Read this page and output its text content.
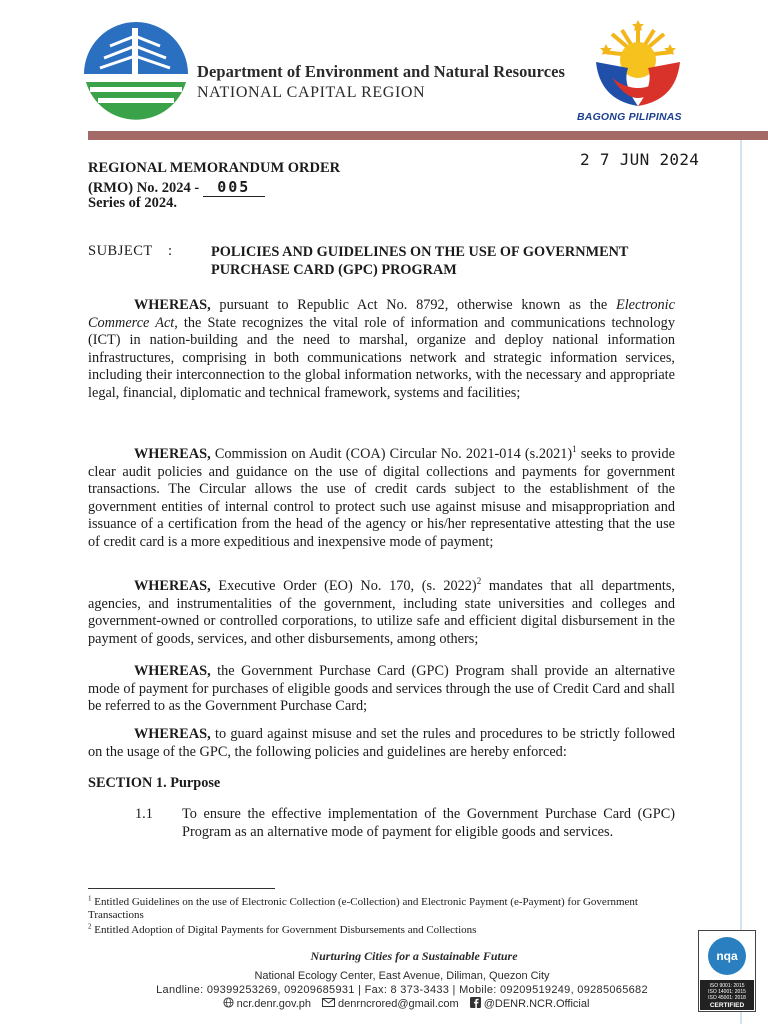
Department of Environment and Natural Resources
NATIONAL CAPITAL REGION
BAGONG PILIPINAS
REGIONAL MEMORANDUM ORDER
(RMO) No. 2024 - 005
Series of 2024.
2 7 JUN 2024
SUBJECT :	POLICIES AND GUIDELINES ON THE USE OF GOVERNMENT
PURCHASE CARD (GPC) PROGRAM
WHEREAS, pursuant to Republic Act No. 8792, otherwise known as the Electronic Commerce Act, the State recognizes the vital role of information and communications technology (ICT) in nation-building and the need to marshal, organize and deploy national information infrastructures, comprising in both communications network and strategic information services, including their interconnection to the global information networks, with the necessary and appropriate legal, financial, diplomatic and technical framework, systems and facilities;
WHEREAS, Commission on Audit (COA) Circular No. 2021-014 $(s.2021)^1$ seeks to provide clear audit policies and guidance on the use of digital collections and payments for government transactions. The Circular allows the use of credit cards subject to the establishment of the government entities of internal control to protect such use against misuse and misappropriation and issuance of a certification from the head of the agency or his/her representative attesting that the use of credit card is a more expeditious and inexpensive mode of payment;
WHEREAS, Executive Order (EO) No. 170, (s. 2022)$^2$ mandates that all departments, agencies, and instrumentalities of the government, including state universities and colleges and government-owned or controlled corporations, to utilize safe and efficient digital disbursement in the payment of goods, services, and other disbursements, among others;
WHEREAS, the Government Purchase Card (GPC) Program shall provide an alternative mode of payment for purchases of eligible goods and services through the use of Credit Card and shall be referred to as the Government Purchase Card;
WHEREAS, to guard against misuse and set the rules and procedures to be strictly followed on the usage of the GPC, the following policies and guidelines are hereby enforced:
SECTION 1. Purpose
1.1 To ensure the effective implementation of the Government Purchase Card (GPC) Program as an alternative mode of payment for eligible goods and services.
$^1$ Entitled Guidelines on the use of Electronic Collection (e-Collection) and Electronic Payment (e-Payment) for Government Transactions
$^2$ Entitled Adoption of Digital Payments for Government Disbursements and Collections
Nurturing Cities for a Sustainable Future
National Ecology Center, East Avenue, Diliman, Quezon City
Landline: 09399253269, 09209685931 | Fax: 8 373-3433 | Mobile: 09209519249, 09285065682
ncr.denr.gov.ph denrncrored@gmail.com @DENR.NCR.Official
nqa
ISO 9001: 2015
ISO 14001: 2015
ISO 45001: 2018
CERTIFIED
